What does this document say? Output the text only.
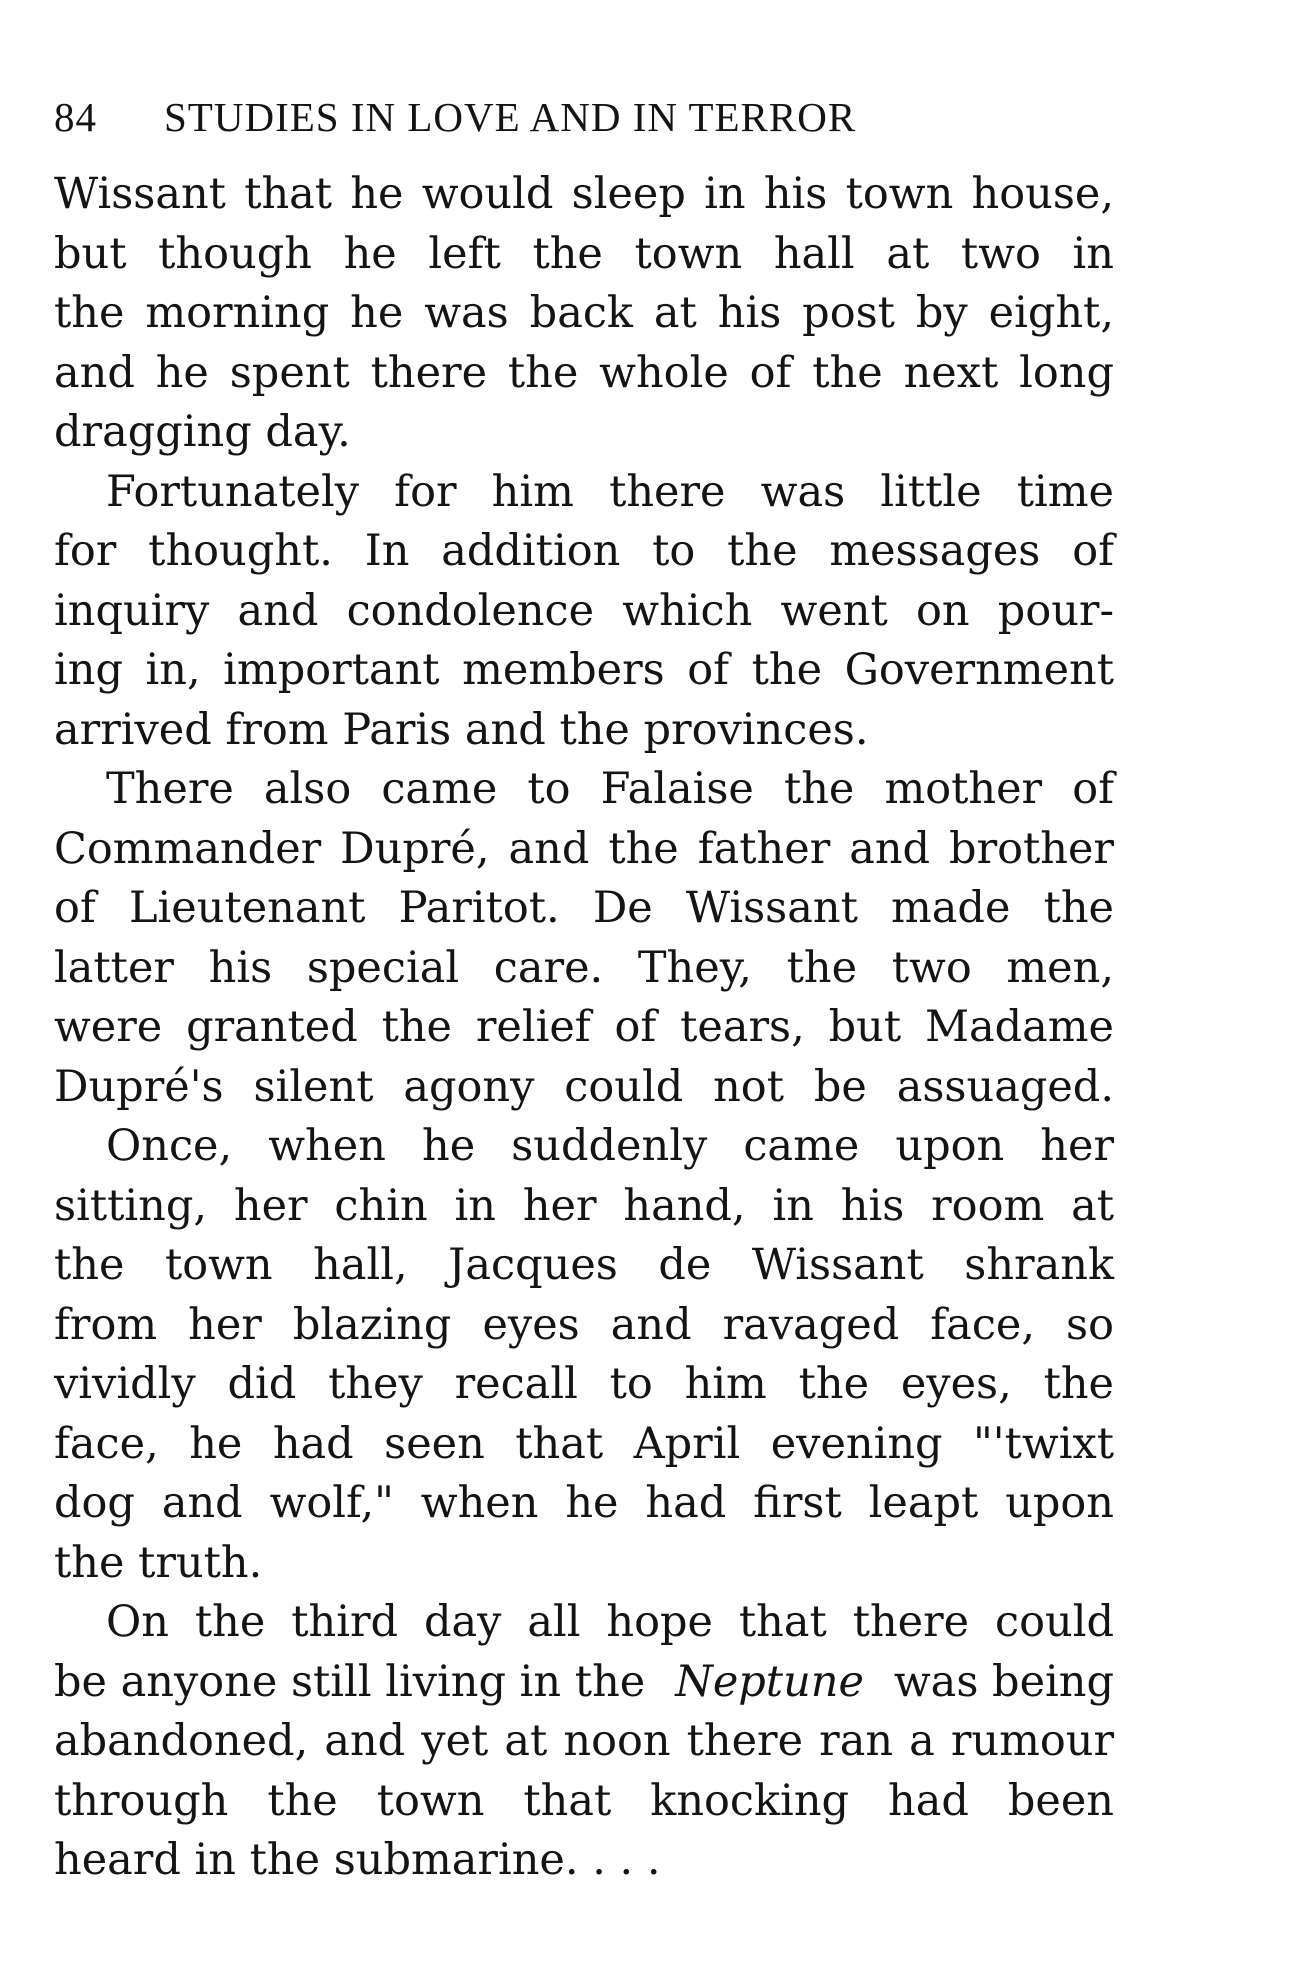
84 STUDIES IN LOVE AND IN TERROR
Wissant that he would sleep in his town house,
but though he left the town hall at two in
the morning he was back at his post by eight,
and he spent there the whole of the next long
dragging day.
Fortunately for him there was little time
for thought. In addition to the messages of
inquiry and condolence which went on pour-
ing in, important members of the Government
arrived from Paris and the provinces.
There also came to Falaise the mother of
Commander Dupré, and the father and brother
of Lieutenant Paritot. De Wissant made the
latter his special care. They, the two men,
were granted the relief of tears, but Madame
Dupré's silent agony could not be assuaged.
Once, when he suddenly came upon her
sitting, her chin in her hand, in his room at
the town hall, Jacques de Wissant shrank
from her blazing eyes and ravaged face, so
vividly did they recall to him the eyes, the
face, he had seen that April evening "'twixt
dog and wolf," when he had first leapt upon
the truth.
On the third day all hope that there could
be anyone still living in the Neptune was being
abandoned, and yet at noon there ran a rumour
through the town that knocking had been
heard in the submarine. . . .
